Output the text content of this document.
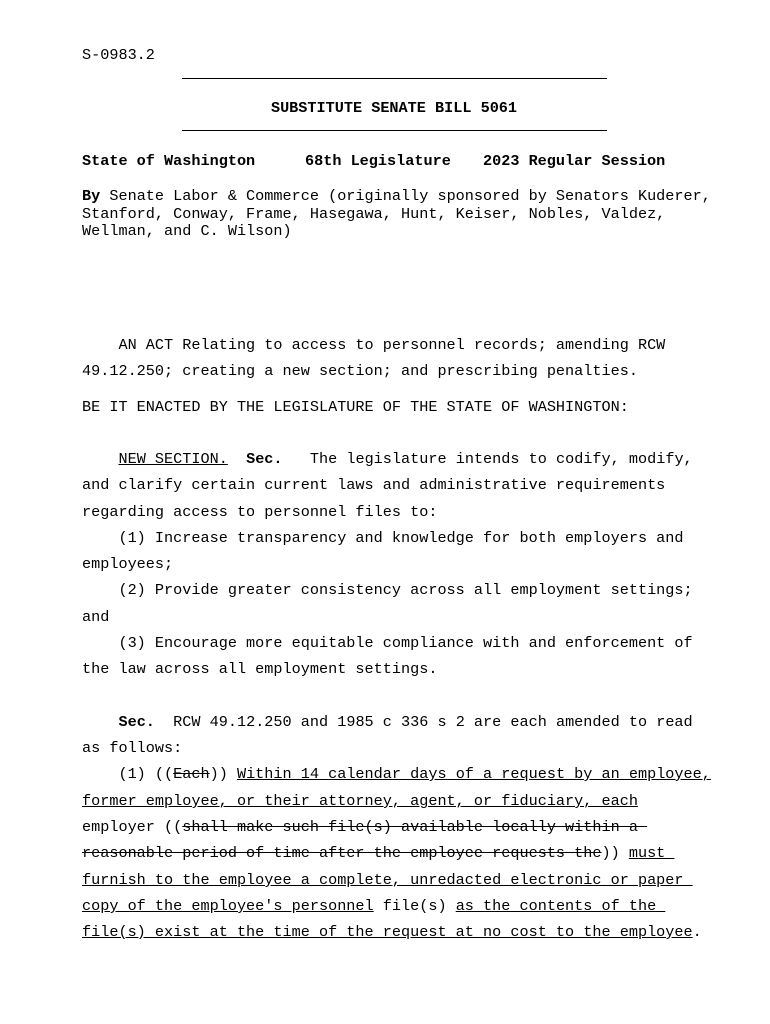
S-0983.2
SUBSTITUTE SENATE BILL 5061
State of Washington	68th Legislature 2023 Regular Session
By Senate Labor & Commerce (originally sponsored by Senators Kuderer,
Stanford, Conway, Frame, Hasegawa, Hunt, Keiser, Nobles, Valdez,
Wellman, and C. Wilson)
AN ACT Relating to access to personnel records; amending RCW
49.12.250; creating a new section; and prescribing penalties.
BE IT ENACTED BY THE LEGISLATURE OF THE STATE OF WASHINGTON:
NEW SECTION. Sec.   The legislature intends to codify, modify,
and clarify certain current laws and administrative requirements
regarding access to personnel files to:
(1) Increase transparency and knowledge for both employers and
employees;
(2) Provide greater consistency across all employment settings;
and
(3) Encourage more equitable compliance with and enforcement of
the law across all employment settings.
Sec.  RCW 49.12.250 and 1985 c 336 s 2 are each amended to read
as follows:
(1) ((Each)) Within 14 calendar days of a request by an employee,
former employee, or their attorney, agent, or fiduciary, each
employer ((shall make such file(s) available locally within a
reasonable period of time after the employee requests the)) must
furnish to the employee a complete, unredacted electronic or paper
copy of the employee's personnel file(s) as the contents of the
file(s) exist at the time of the request at no cost to the employee.
